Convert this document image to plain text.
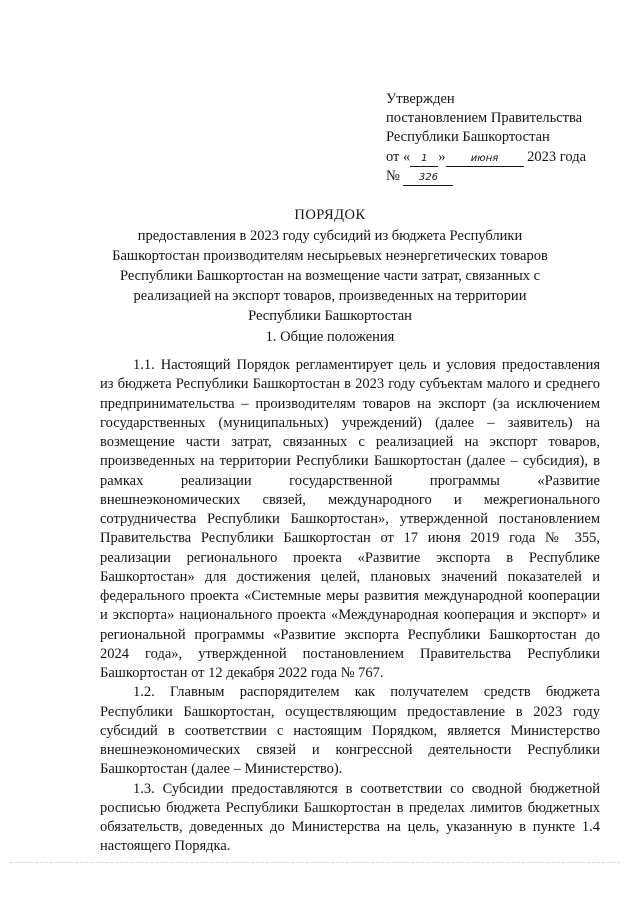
Утвержден
постановлением Правительства
Республики Башкортостан
от « 1 »	июня 2023 года
№ 326
ПОРЯДОК
предоставления в 2023 году субсидий из бюджета Республики Башкортостан производителям несырьевых неэнергетических товаров Республики Башкортостан на возмещение части затрат, связанных с реализацией на экспорт товаров, произведенных на территории Республики Башкортостан
1. Общие положения

1.1. Настоящий Порядок регламентирует цель и условия предоставления из бюджета Республики Башкортостан в 2023 году субъектам малого и среднего предпринимательства – производителям товаров на экспорт (за исключением государственных (муниципальных) учреждений) (далее – заявитель) на возмещение части затрат, связанных с реализацией на экспорт товаров, произведенных на территории Республики Башкортостан (далее – субсидия), в рамках реализации государственной программы «Развитие внешнеэкономических связей, международного и межрегионального сотрудничества Республики Башкортостан», утвержденной постановлением Правительства Республики Башкортостан от 17 июня 2019 года № 355, реализации регионального проекта «Развитие экспорта в Республике Башкортостан» для достижения целей, плановых значений показателей и федерального проекта «Системные меры развития международной кооперации и экспорта» национального проекта «Международная кооперация и экспорт» и региональной программы «Развитие экспорта Республики Башкортостан до 2024 года», утвержденной постановлением Правительства Республики Башкортостан от 12 декабря 2022 года № 767.

1.2. Главным распорядителем как получателем средств бюджета Республики Башкортостан, осуществляющим предоставление в 2023 году субсидий в соответствии с настоящим Порядком, является Министерство внешнеэкономических связей и конгрессной деятельности Республики Башкортостан (далее – Министерство).

1.3. Субсидии предоставляются в соответствии со сводной бюджетной росписью бюджета Республики Башкортостан в пределах лимитов бюджетных обязательств, доведенных до Министерства на цель, указанную в пункте 1.4 настоящего Порядка.
